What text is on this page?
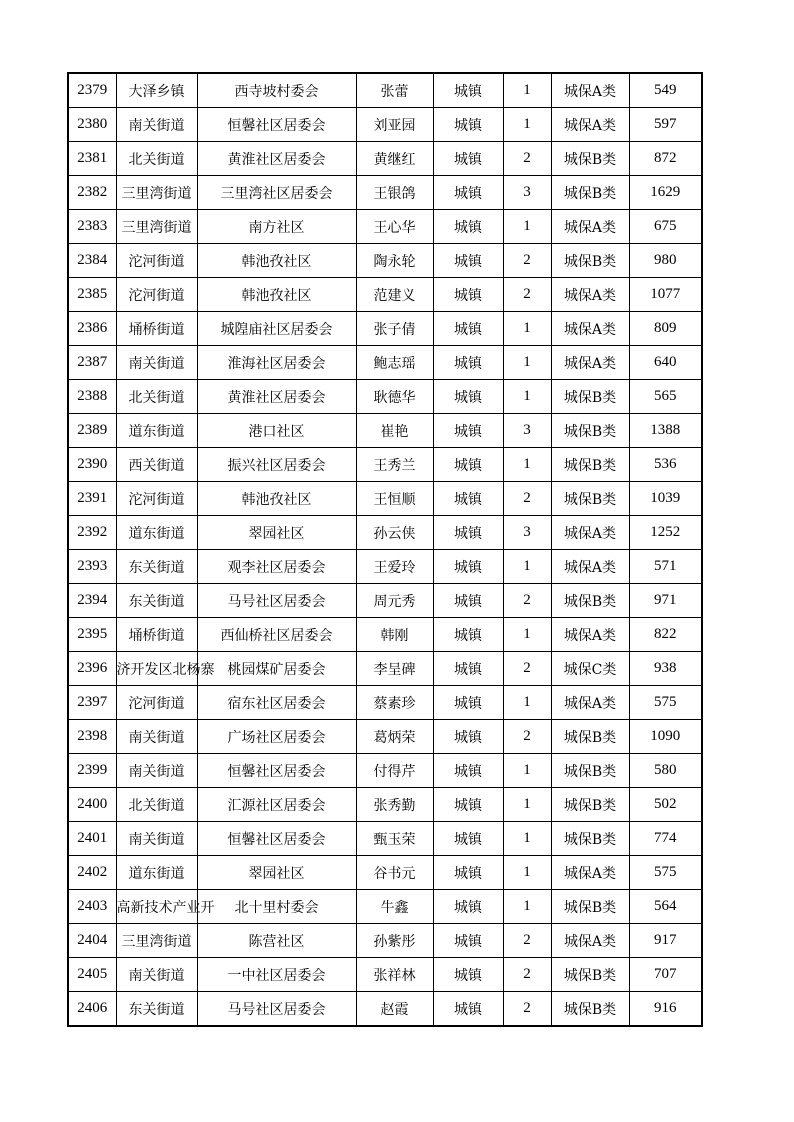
2379	大泽乡镇	西寺坡村委会	张蕾	城镇	1	城保A类	549
2380	南关街道	恒馨社区居委会	刘亚园	城镇	1	城保A类	597
2381	北关街道	黄淮社区居委会	黄继红	城镇	2	城保B类	872
2382	三里湾街道	三里湾社区居委会	王银鸽	城镇	3	城保B类	1629
2383	三里湾街道	南方社区	王心华	城镇	1	城保A类	675
2384	沱河街道	韩池孜社区	陶永轮	城镇	2	城保B类	980
2385	沱河街道	韩池孜社区	范建义	城镇	2	城保A类	1077
2386	埇桥街道	城隍庙社区居委会	张子倩	城镇	1	城保A类	809
2387	南关街道	淮海社区居委会	鲍志瑶	城镇	1	城保A类	640
2388	北关街道	黄淮社区居委会	耿德华	城镇	1	城保B类	565
2389	道东街道	港口社区	崔艳	城镇	3	城保B类	1388
2390	西关街道	振兴社区居委会	王秀兰	城镇	1	城保B类	536
2391	沱河街道	韩池孜社区	王恒顺	城镇	2	城保B类	1039
2392	道东街道	翠园社区	孙云侠	城镇	3	城保A类	1252
2393	东关街道	观李社区居委会	王爱玲	城镇	1	城保A类	571
2394	东关街道	马号社区居委会	周元秀	城镇	2	城保B类	971
2395	埇桥街道	西仙桥社区居委会	韩刚	城镇	1	城保A类	822
2396	济开发区北杨寨	桃园煤矿居委会	李呈碑	城镇	2	城保C类	938
2397	沱河街道	宿东社区居委会	蔡素珍	城镇	1	城保A类	575
2398	南关街道	广场社区居委会	葛炳荣	城镇	2	城保B类	1090
2399	南关街道	恒馨社区居委会	付得芹	城镇	1	城保B类	580
2400	北关街道	汇源社区居委会	张秀勤	城镇	1	城保B类	502
2401	南关街道	恒馨社区居委会	甄玉荣	城镇	1	城保B类	774
2402	道东街道	翠园社区	谷书元	城镇	1	城保A类	575
2403	高新技术产业开	北十里村委会	牛鑫	城镇	1	城保B类	564
2404	三里湾街道	陈营社区	孙紫彤	城镇	2	城保A类	917
2405	南关街道	一中社区居委会	张祥林	城镇	2	城保B类	707
2406	东关街道	马号社区居委会	赵霞	城镇	2	城保B类	916
